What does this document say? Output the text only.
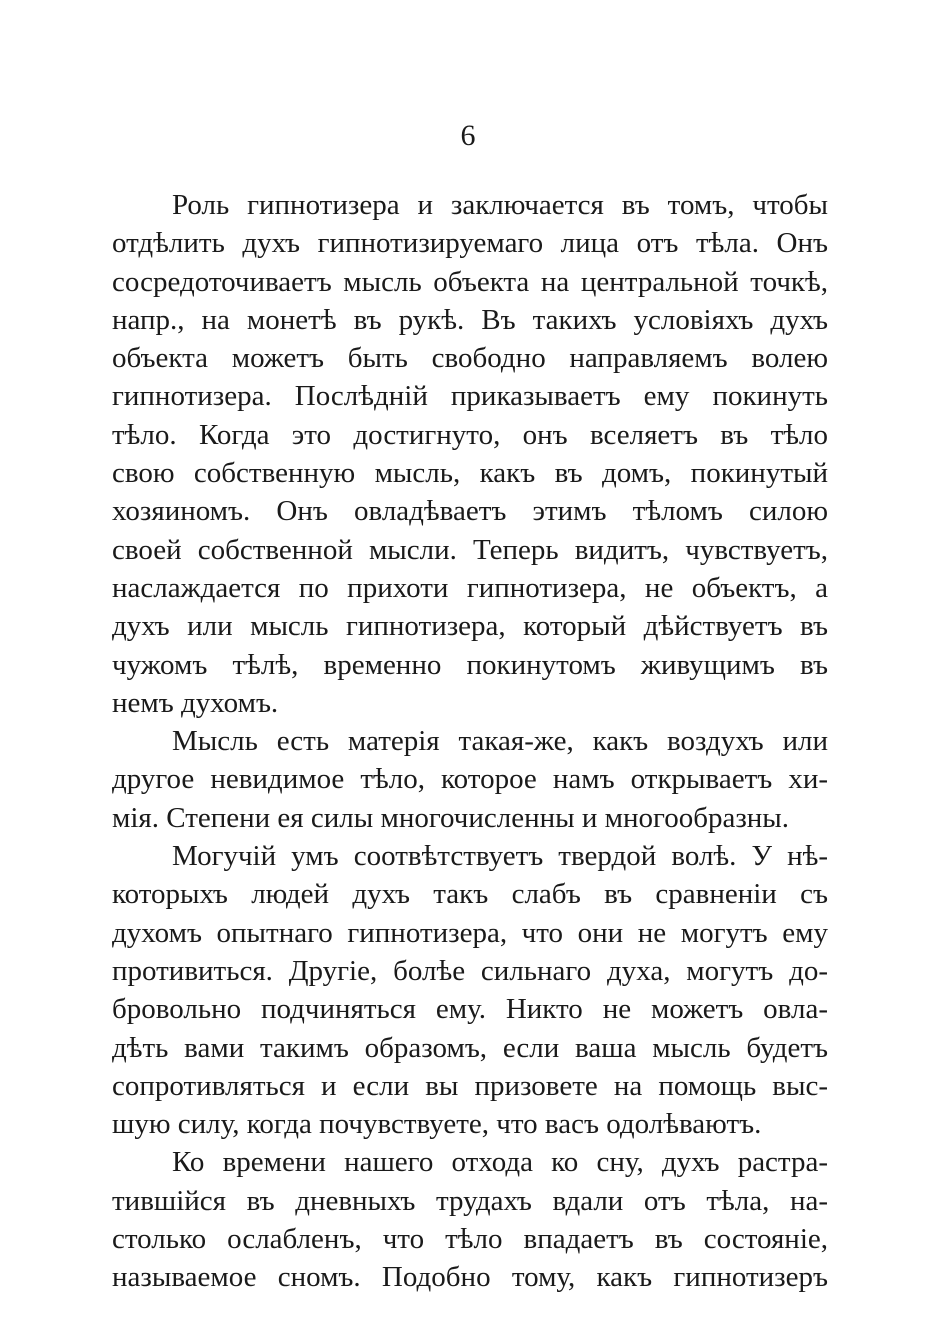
6
Роль гипнотизера и заключается въ томъ, чтобы
отдѣлить духъ гипнотизируемаго лица отъ тѣла. Онъ
сосредоточиваетъ мысль объекта на центральной точкѣ,
напр., на монетѣ въ рукѣ. Въ такихъ условіяхъ духъ
объекта можетъ быть свободно направляемъ волею
гипнотизера. Послѣдній приказываетъ ему покинуть
тѣло. Когда это достигнуто, онъ вселяетъ въ тѣло
свою собственную мысль, какъ въ домъ, покинутый
хозяиномъ. Онъ овладѣваетъ этимъ тѣломъ силою
своей собственной мысли. Теперь видитъ, чувствуетъ,
наслаждается по прихоти гипнотизера, не объектъ, а
духъ или мысль гипнотизера, который дѣйствуетъ въ
чужомъ тѣлѣ, временно покинутомъ живущимъ въ
немъ духомъ.
Мысль есть матерія такая-же, какъ воздухъ или
другое невидимое тѣло, которое намъ открываетъ хи-
мія. Степени ея силы многочисленны и многообразны.
Могучій умъ соотвѣтствуетъ твердой волѣ. У нѣ-
которыхъ людей духъ такъ слабъ въ сравненіи съ
духомъ опытнаго гипнотизера, что они не могутъ ему
противиться. Другіе, болѣе сильнаго духа, могутъ до-
бровольно подчиняться ему. Никто не можетъ овла-
дѣть вами такимъ образомъ, если ваша мысль будетъ
сопротивляться и если вы призовете на помощь выс-
шую силу, когда почувствуете, что васъ одолѣваютъ.
Ко времени нашего отхода ко сну, духъ растра-
тившійся въ дневныхъ трудахъ вдали отъ тѣла, на-
столько ослабленъ, что тѣло впадаетъ въ состояніе,
называемое сномъ. Подобно тому, какъ гипнотизеръ
